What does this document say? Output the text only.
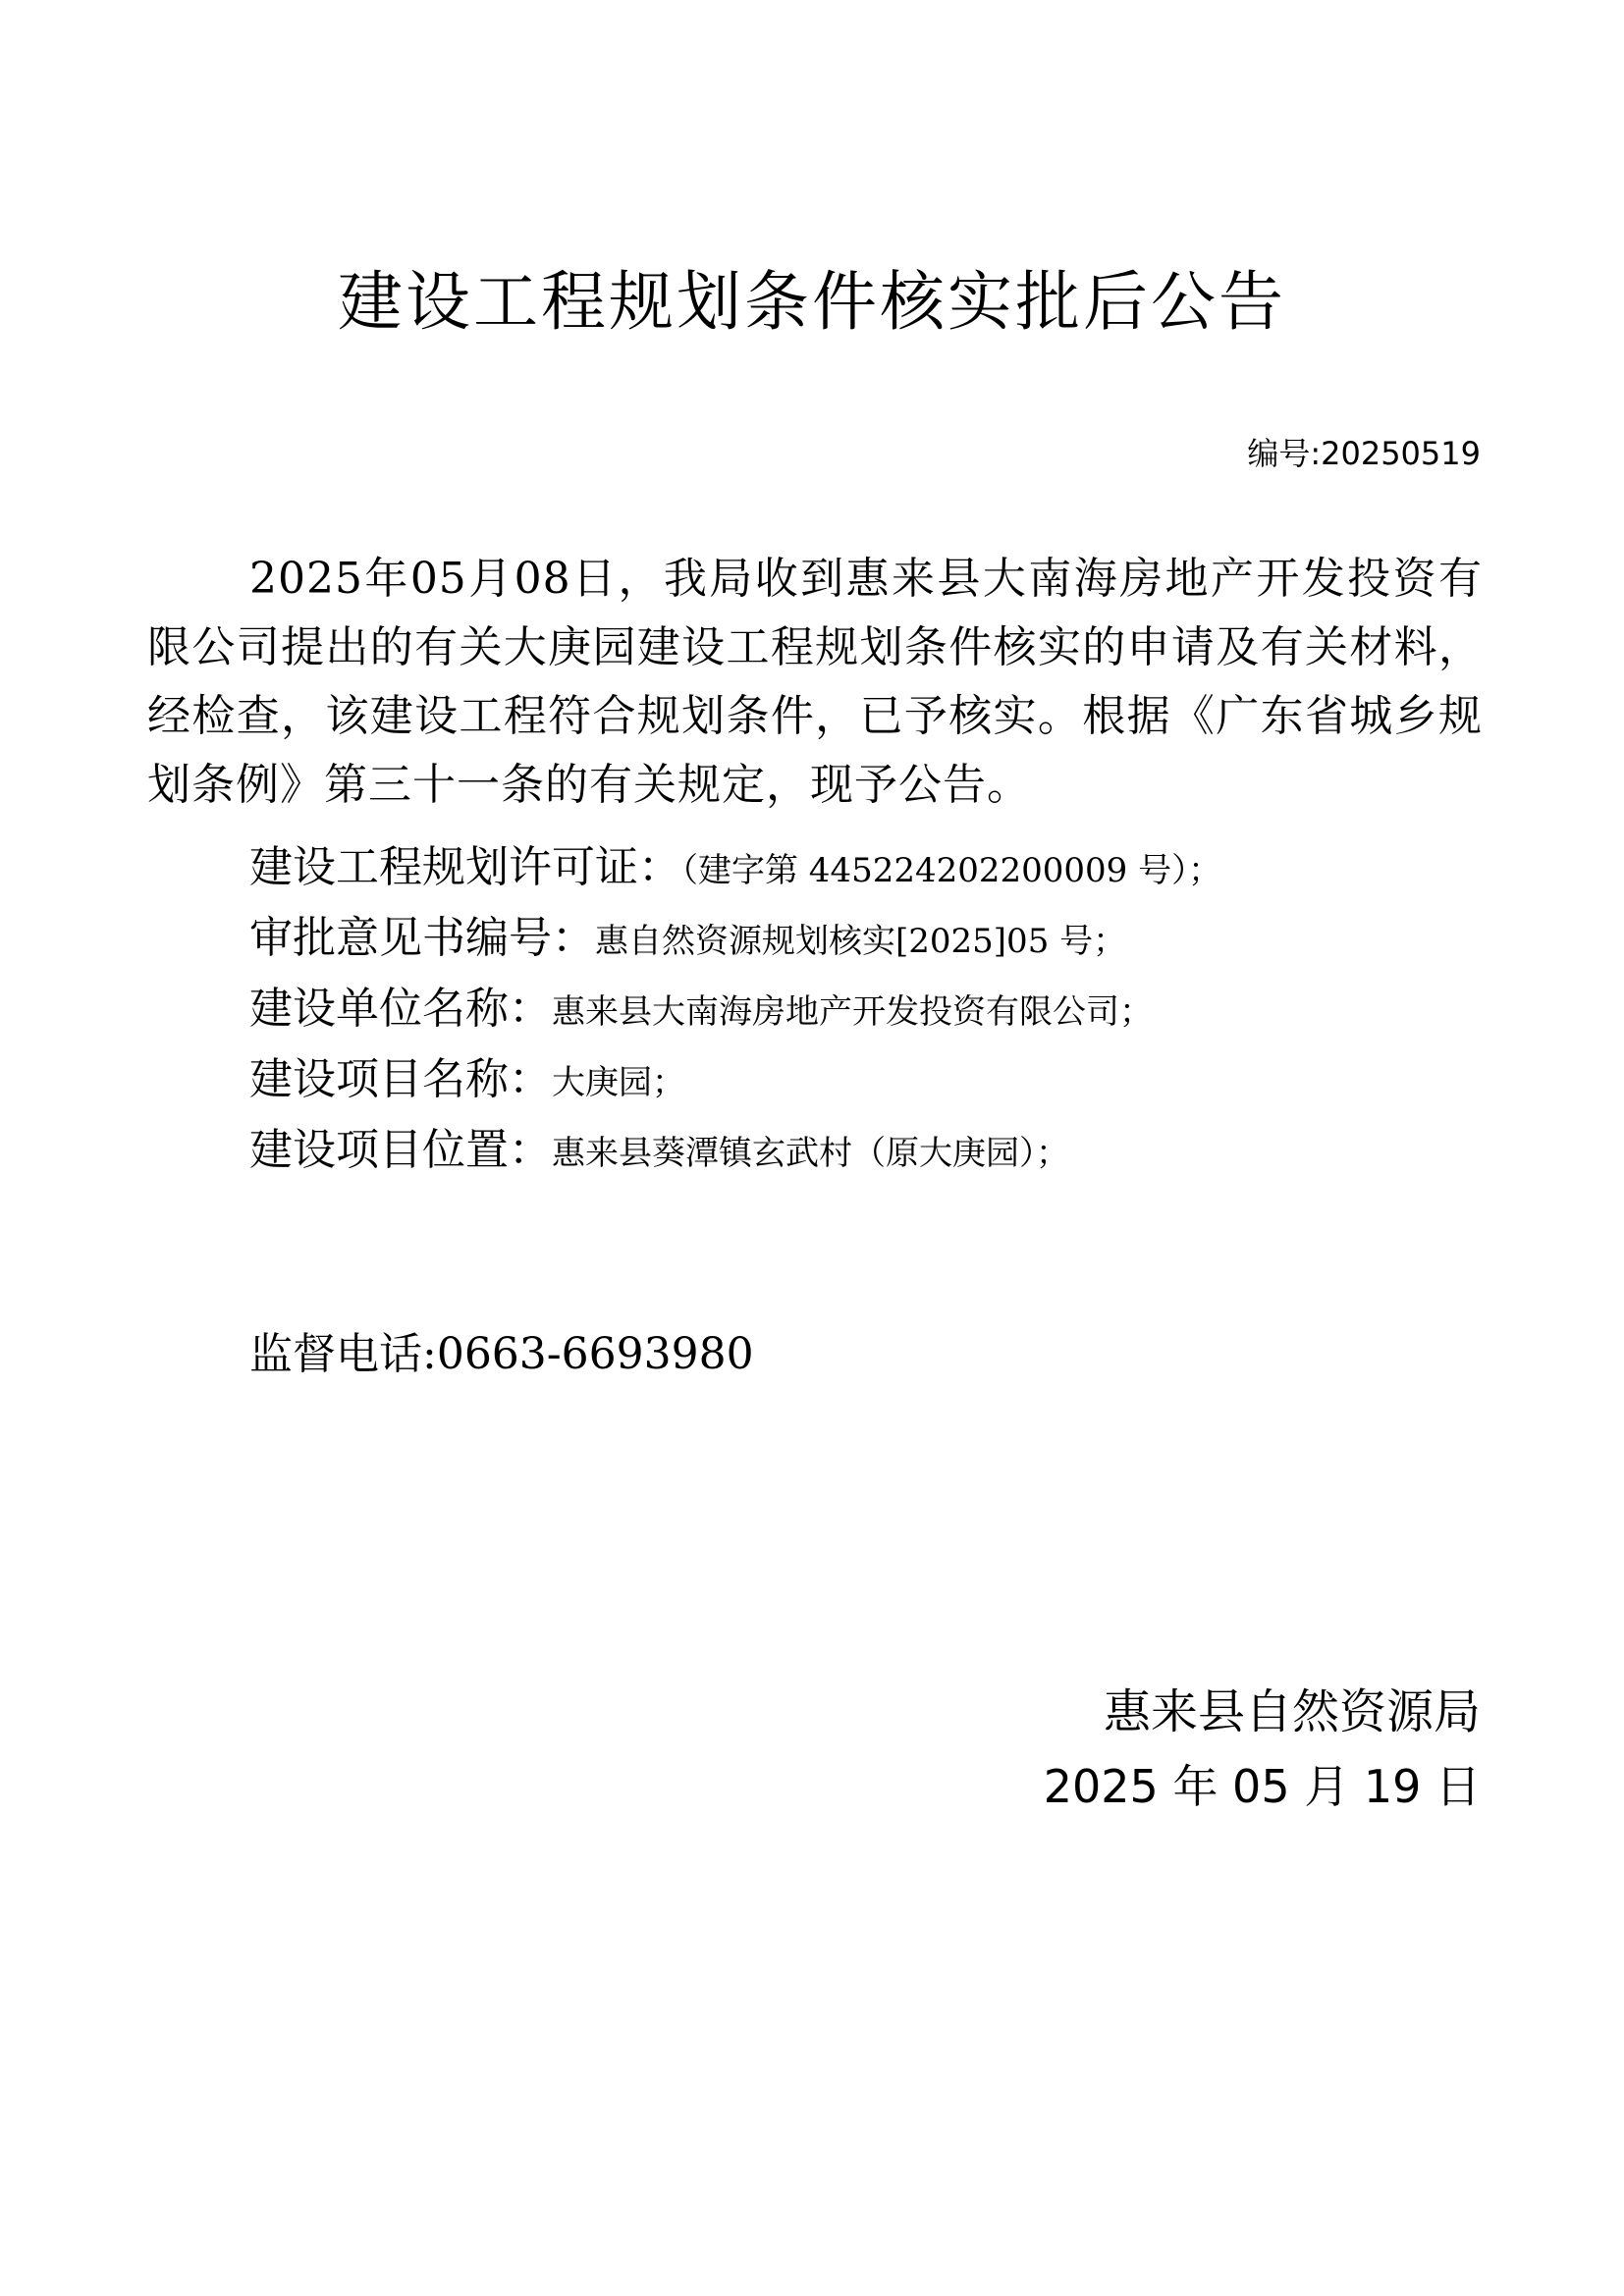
建设工程规划条件核实批后公告
编号:20250519
2025年05月08日，我局收到惠来县大南海房地产开发投资有限公司提出的有关大庚园建设工程规划条件核实的申请及有关材料，经检查，该建设工程符合规划条件，已予核实。根据《广东省城乡规划条例》第三十一条的有关规定，现予公告。
建设工程规划许可证：（建字第 445224202200009 号）；
审批意见书编号：惠自然资源规划核实[2025]05 号；
建设单位名称：惠来县大南海房地产开发投资有限公司；
建设项目名称：大庚园；
建设项目位置：惠来县葵潭镇玄武村（原大庚园）；
监督电话:0663-6693980
惠来县自然资源局
2025 年 05 月 19 日
